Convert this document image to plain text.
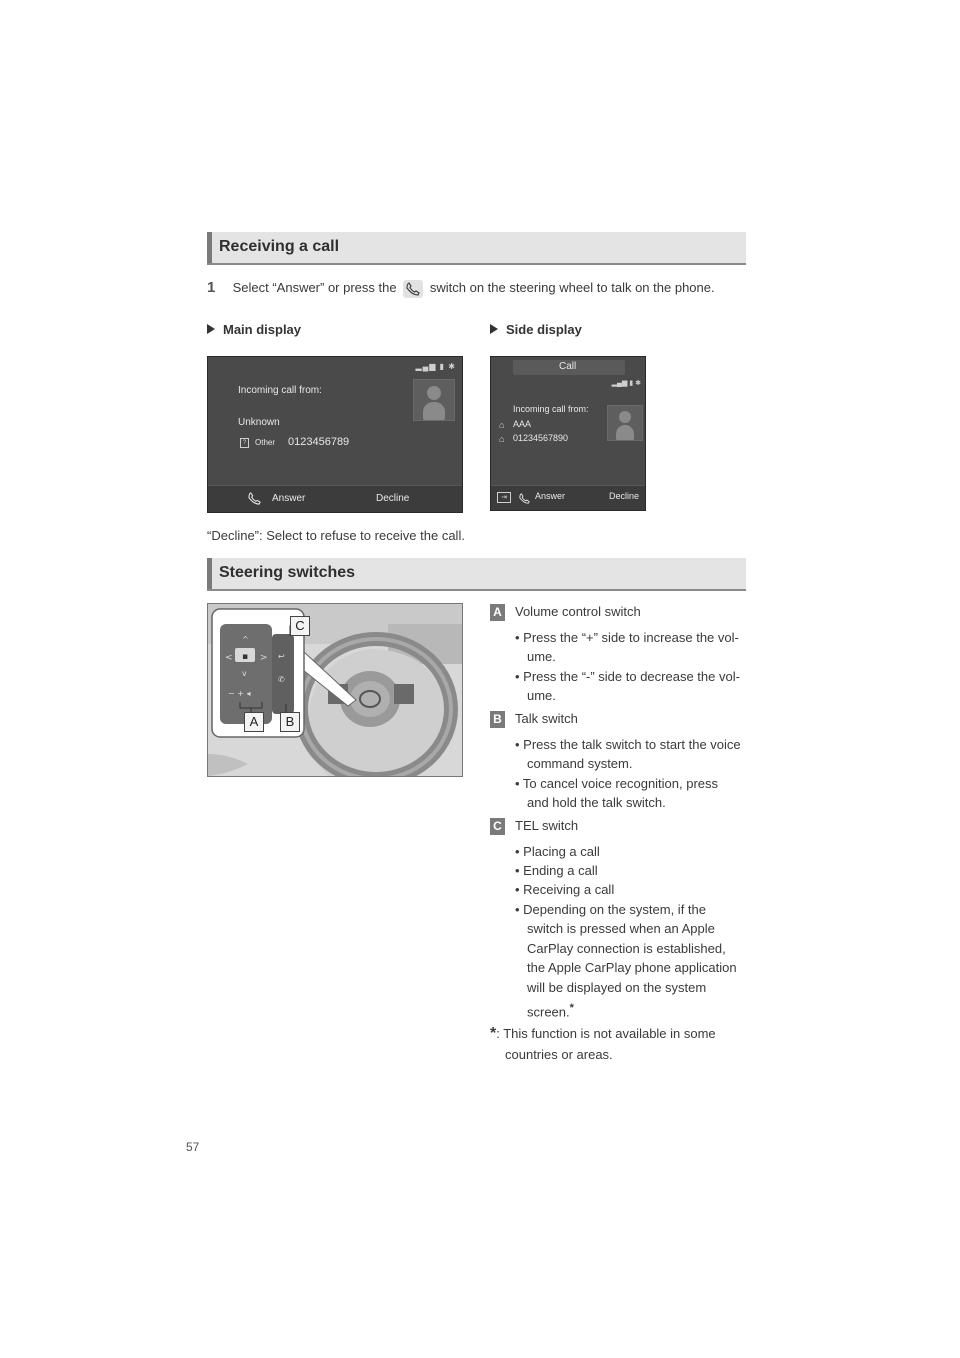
Receiving a call
1 Select “Answer” or press the	switch on the steering wheel to talk on the phone.
Main display	Side display
▂▄▆ ▮ ✱
Incoming call from:
Unknown
?	Other 0123456789
Answer	Decline
Call
▂▄▆ ▮ ✱
Incoming call from:
⌂ AAA
⌂ 01234567890
⇥	Answer	Decline
“Decline”: Select to refuse to receive the call.
Steering switches
▪
<	>
^
v
− + ◂
↩
✆
C
A	B
A Volume control switch
• Press the “+” side to increase the vol-
ume.
• Press the “-” side to decrease the vol-
ume.
B Talk switch
• Press the talk switch to start the voice
command system.
• To cancel voice recognition, press
and hold the talk switch.
C TEL switch
• Placing a call
• Ending a call
• Receiving a call
• Depending on the system, if the
switch is pressed when an Apple
CarPlay connection is established,
the Apple CarPlay phone application
will be displayed on the system
screen.*
*: This function is not available in some
countries or areas.
57
